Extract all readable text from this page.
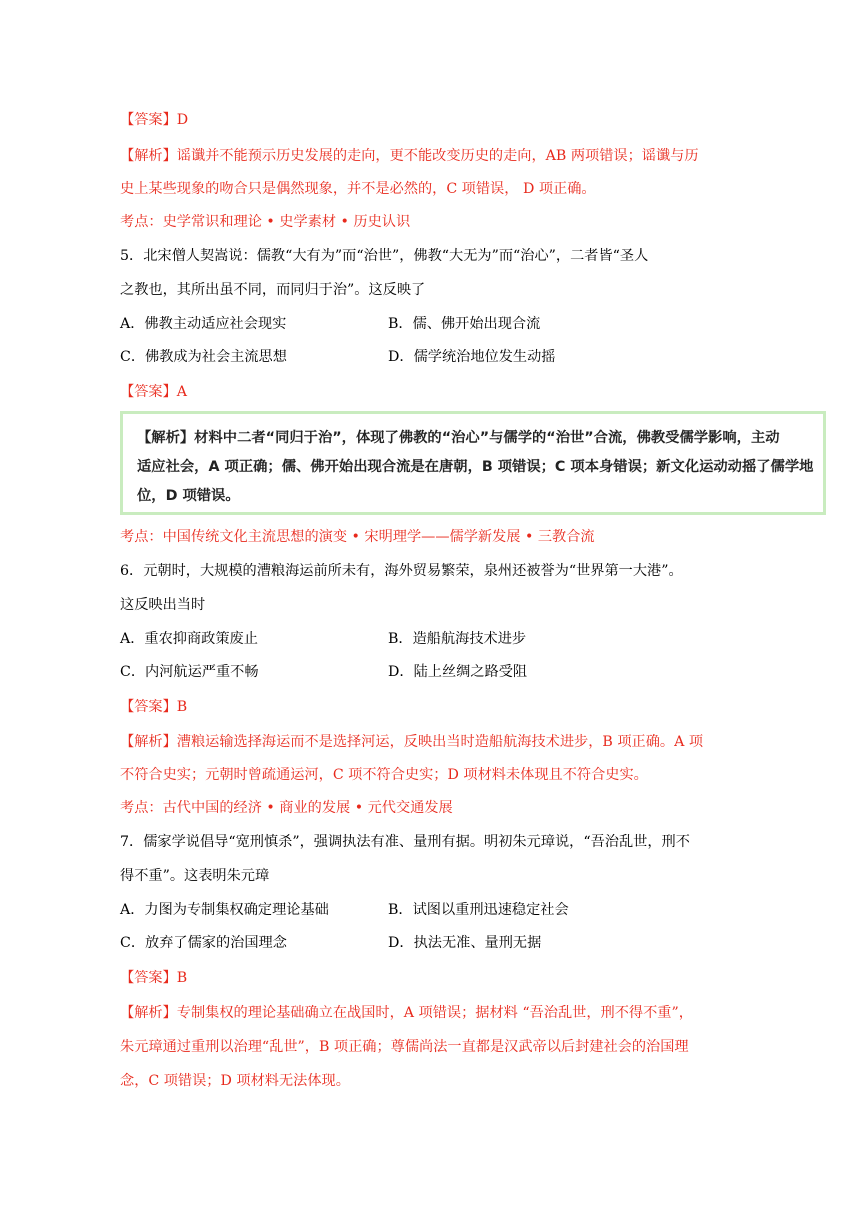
【答案】D
【解析】谣谶并不能预示历史发展的走向，更不能改变历史的走向，AB 两项错误；谣谶与历
史上某些现象的吻合只是偶然现象，并不是必然的，C 项错误， D 项正确。
考点：史学常识和理论 • 史学素材 • 历史认识
5．北宋僧人契嵩说：儒教“大有为”而“治世”，佛教“大无为”而“治心”，二者皆“圣人
之教也，其所出虽不同，而同归于治”。这反映了
A．佛教主动适应社会现实	B．儒、佛开始出现合流
C．佛教成为社会主流思想	D．儒学统治地位发生动摇
【答案】A
【解析】材料中二者“同归于治”，体现了佛教的“治心”与儒学的“治世”合流，佛教受儒学影响，主动
适应社会，A 项正确；儒、佛开始出现合流是在唐朝，B 项错误；C 项本身错误；新文化运动动摇了儒学地
位，D 项错误。
考点：中国传统文化主流思想的演变 • 宋明理学——儒学新发展 • 三教合流
6．元朝时，大规模的漕粮海运前所未有，海外贸易繁荣，泉州还被誉为“世界第一大港”。
这反映出当时
A．重农抑商政策废止	B．造船航海技术进步
C．内河航运严重不畅	D．陆上丝绸之路受阻
【答案】B
【解析】漕粮运输选择海运而不是选择河运，反映出当时造船航海技术进步，B 项正确。A 项
不符合史实；元朝时曾疏通运河，C 项不符合史实；D 项材料未体现且不符合史实。
考点：古代中国的经济 • 商业的发展 • 元代交通发展
7．儒家学说倡导“宽刑慎杀”，强调执法有准、量刑有据。明初朱元璋说，“吾治乱世，刑不
得不重”。这表明朱元璋
A．力图为专制集权确定理论基础	B．试图以重刑迅速稳定社会
C．放弃了儒家的治国理念	D．执法无准、量刑无据
【答案】B
【解析】专制集权的理论基础确立在战国时，A 项错误；据材料 “吾治乱世，刑不得不重”，
朱元璋通过重刑以治理“乱世”，B 项正确；尊儒尚法一直都是汉武帝以后封建社会的治国理
念，C 项错误；D 项材料无法体现。
